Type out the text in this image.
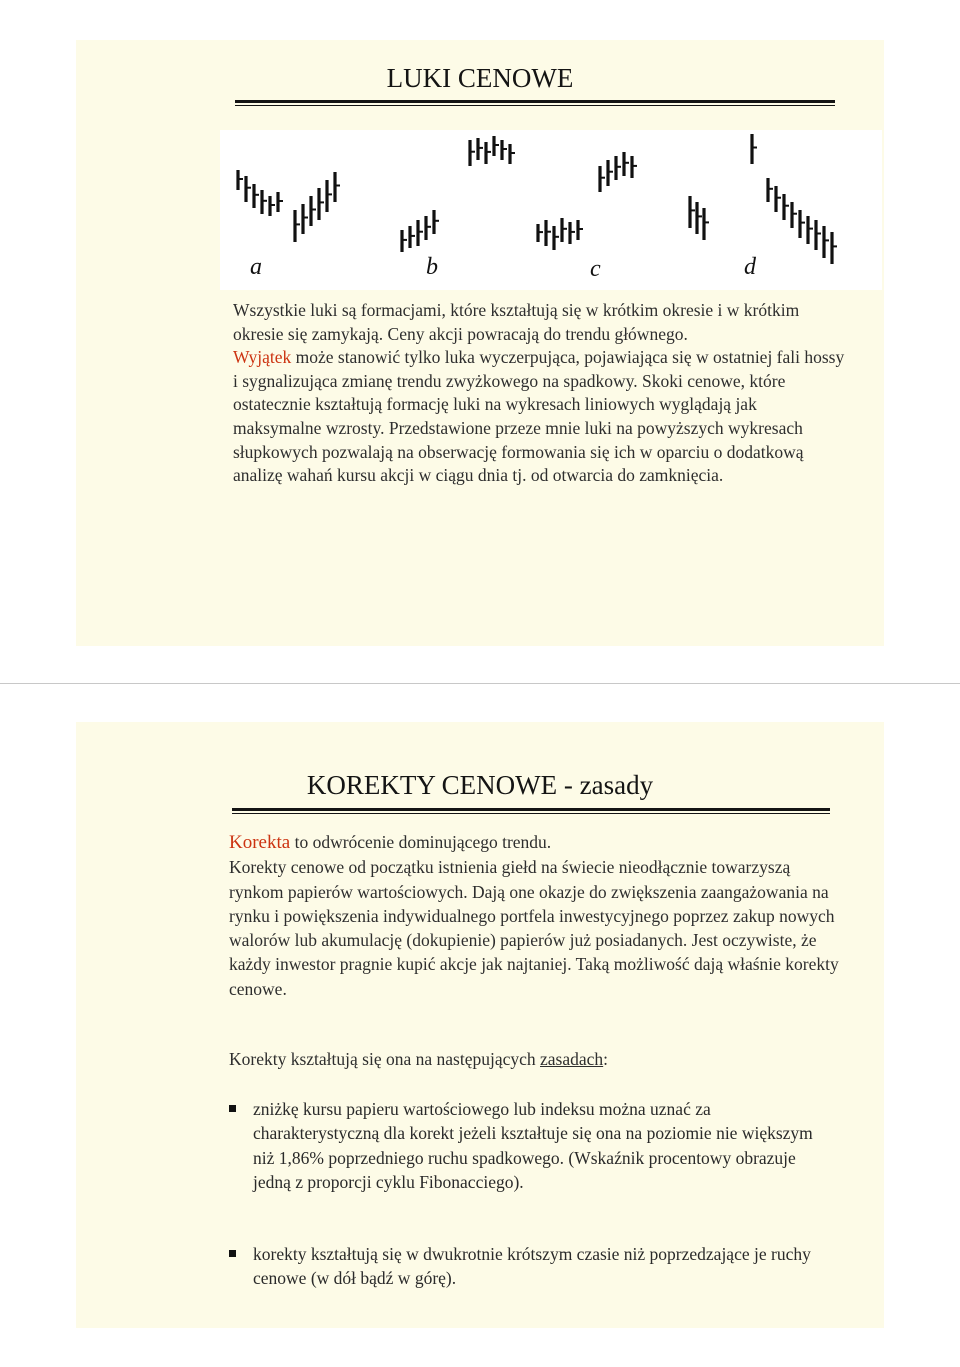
LUKI CENOWE
a	b	c	d

Wszystkie luki są formacjami, które kształtują się w krótkim okresie i w krótkim okresie się zamykają. Ceny akcji powracają do trendu głównego.

Wyjątek może stanowić tylko luka wyczerpująca, pojawiająca się w ostatniej fali hossy i sygnalizująca zmianę trendu zwyżkowego na spadkowy. Skoki cenowe, które ostatecznie kształtują formację luki na wykresach liniowych wyglądają jak maksymalne wzrosty. Przedstawione przeze mnie luki na powyższych wykresach słupkowych pozwalają na obserwację formowania się ich w oparciu o dodatkową analizę wahań kursu akcji w ciągu dnia tj. od otwarcia do zamknięcia.

KOREKTY CENOWE - zasady

Korekta to odwrócenie dominującego trendu.

Korekty cenowe od początku istnienia giełd na świecie nieodłącznie towarzyszą rynkom papierów wartościowych. Dają one okazje do zwiększenia zaangażowania na rynku i powiększenia indywidualnego portfela inwestycyjnego poprzez zakup nowych walorów lub akumulację (dokupienie) papierów już posiadanych. Jest oczywiste, że każdy inwestor pragnie kupić akcje jak najtaniej. Taką możliwość dają właśnie korekty cenowe.

Korekty kształtują się ona na następujących zasadach:
zniżkę kursu papieru wartościowego lub indeksu można uznać za charakterystyczną dla korekt jeżeli kształtuje się ona na poziomie nie większym niż 1,86% poprzedniego ruchu spadkowego. (Wskaźnik procentowy obrazuje jedną z proporcji cyklu Fibonacciego).
korekty kształtują się w dwukrotnie krótszym czasie niż poprzedzające je ruchy cenowe (w dół bądź w górę).
